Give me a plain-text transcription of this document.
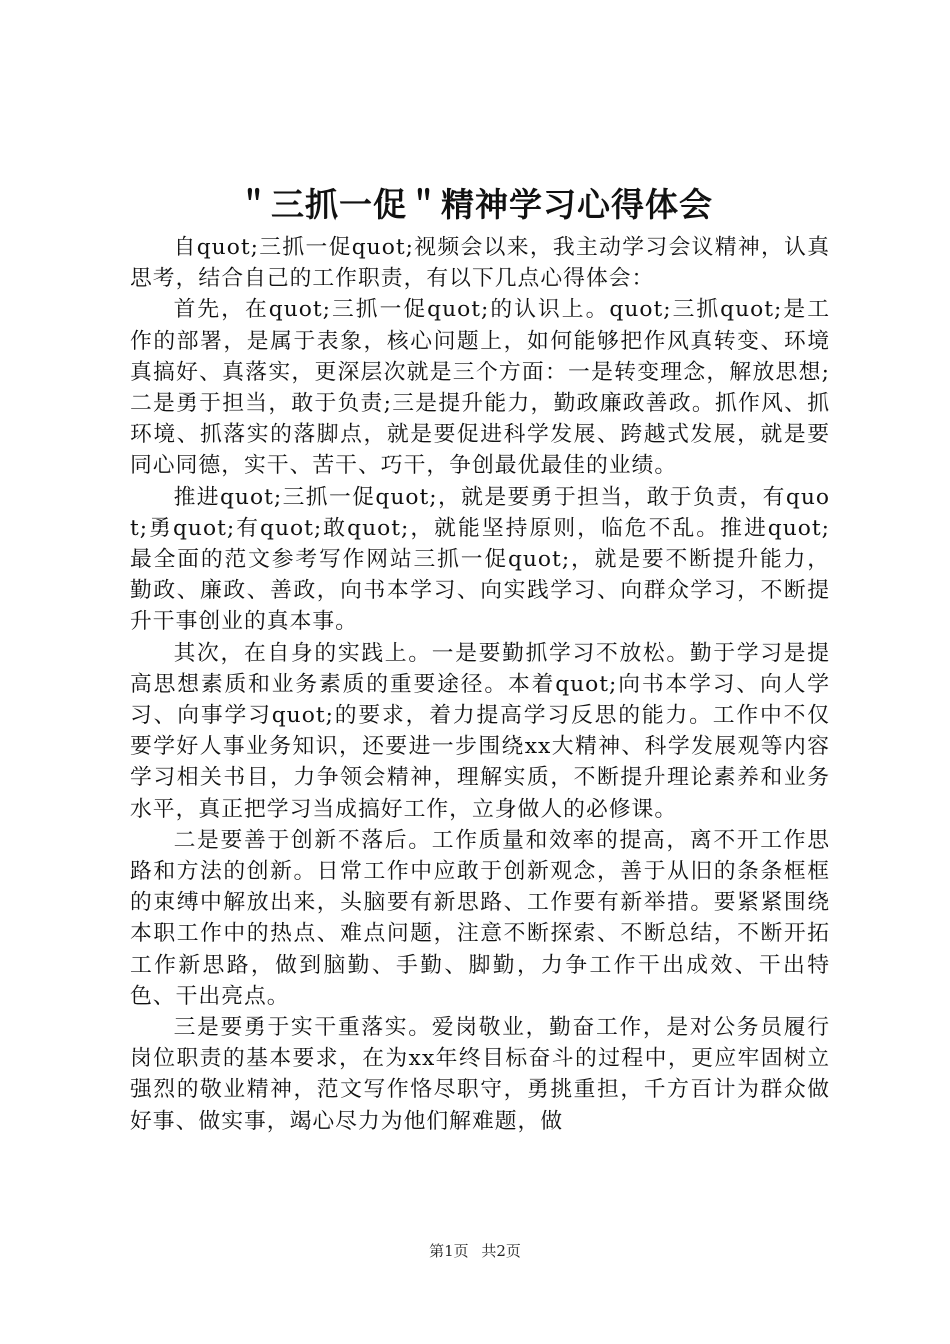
＂三抓一促＂精神学习心得体会

自quot;三抓一促quot;视频会以来，我主动学习会议精神，认真思考，结合自己的工作职责，有以下几点心得体会：

首先，在quot;三抓一促quot;的认识上。quot;三抓quot;是工作的部署，是属于表象，核心问题上，如何能够把作风真转变、环境真搞好、真落实，更深层次就是三个方面：一是转变理念，解放思想;二是勇于担当，敢于负责;三是提升能力，勤政廉政善政。抓作风、抓环境、抓落实的落脚点，就是要促进科学发展、跨越式发展，就是要同心同德，实干、苦干、巧干，争创最优最佳的业绩。

推进quot;三抓一促quot;，就是要勇于担当，敢于负责，有quot;勇quot;有quot;敢quot;，就能坚持原则，临危不乱。推进quot;最全面的范文参考写作网站三抓一促quot;，就是要不断提升能力，勤政、廉政、善政，向书本学习、向实践学习、向群众学习，不断提升干事创业的真本事。

其次，在自身的实践上。一是要勤抓学习不放松。勤于学习是提高思想素质和业务素质的重要途径。本着quot;向书本学习、向人学习、向事学习quot;的要求，着力提高学习反思的能力。工作中不仅要学好人事业务知识，还要进一步围绕xx大精神、科学发展观等内容学习相关书目，力争领会精神，理解实质，不断提升理论素养和业务水平，真正把学习当成搞好工作，立身做人的必修课。

二是要善于创新不落后。工作质量和效率的提高，离不开工作思路和方法的创新。日常工作中应敢于创新观念，善于从旧的条条框框的束缚中解放出来，头脑要有新思路、工作要有新举措。要紧紧围绕本职工作中的热点、难点问题，注意不断探索、不断总结，不断开拓工作新思路，做到脑勤、手勤、脚勤，力争工作干出成效、干出特色、干出亮点。

三是要勇于实干重落实。爱岗敬业，勤奋工作，是对公务员履行岗位职责的基本要求，在为xx年终目标奋斗的过程中，更应牢固树立强烈的敬业精神，范文写作恪尽职守，勇挑重担，千方百计为群众做好事、做实事，竭心尽力为他们解难题，做

第1页 共2页
